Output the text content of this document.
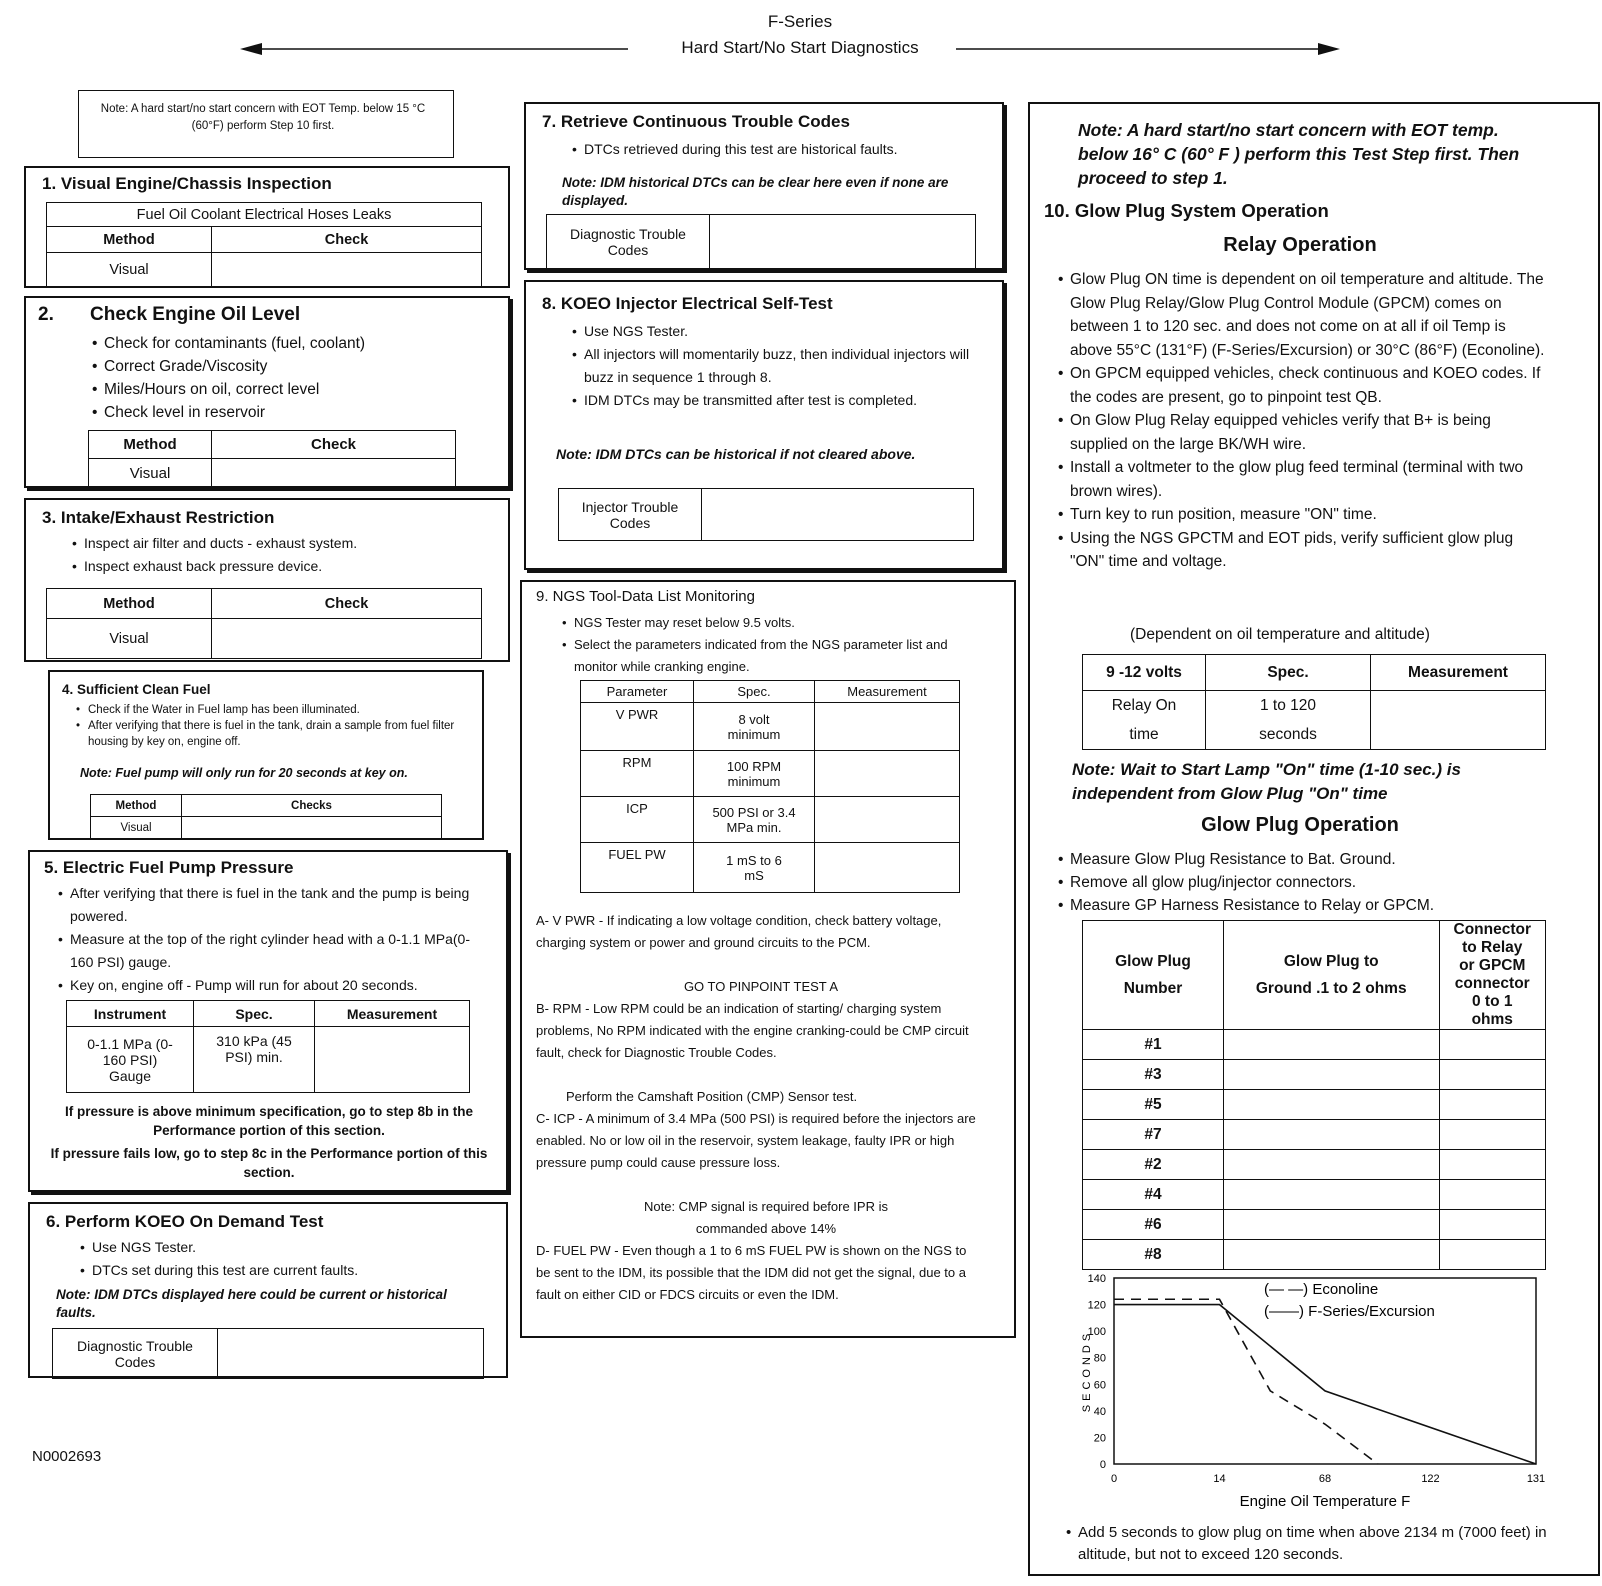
F-Series
Hard Start/No Start Diagnostics
Note: A hard start/no start concern with EOT Temp. below 15 °C (60°F) perform Step 10 first.
1. Visual Engine/Chassis Inspection
Fuel Oil Coolant Electrical Hoses Leaks	
Method	Check
Visual	
2. Check Engine Oil Level
• Check for contaminants (fuel, coolant)
• Correct Grade/Viscosity
• Miles/Hours on oil, correct level
• Check level in reservoir
Method	Check
Visual	
3. Intake/Exhaust Restriction
• Inspect air filter and ducts - exhaust system.
• Inspect exhaust back pressure device.
Method	Check
Visual	
4. Sufficient Clean Fuel
• Check if the Water in Fuel lamp has been illuminated.
• After verifying that there is fuel in the tank, drain a sample from fuel filter housing by key on, engine off.
Note: Fuel pump will only run for 20 seconds at key on.
Method	Checks
Visual	
5. Electric Fuel Pump Pressure
• After verifying that there is fuel in the tank and the pump is being powered.
• Measure at the top of the right cylinder head with a 0-1.1 MPa(0-160 PSI) gauge.
• Key on, engine off - Pump will run for about 20 seconds.
Instrument	Spec.	Measurement
0-1.1 MPa (0-160 PSI) Gauge	310 kPa (45 PSI) min.	
If pressure is above minimum specification, go to step 8b in the Performance portion of this section.
If pressure fails low, go to step 8c in the Performance portion of this section.
6. Perform KOEO On Demand Test
• Use NGS Tester.
• DTCs set during this test are current faults.
Note: IDM DTCs displayed here could be current or historical faults.
Diagnostic Trouble Codes	
N0002693
7. Retrieve Continuous Trouble Codes
• DTCs retrieved during this test are historical faults.
Note: IDM historical DTCs can be clear here even if none are displayed.
Diagnostic Trouble Codes	
8. KOEO Injector Electrical Self-Test
• Use NGS Tester.
• All injectors will momentarily buzz, then individual injectors will buzz in sequence 1 through 8.
• IDM DTCs may be transmitted after test is completed.
Note: IDM DTCs can be historical if not cleared above.
Injector Trouble Codes	
9. NGS Tool-Data List Monitoring
• NGS Tester may reset below 9.5 volts.
• Select the parameters indicated from the NGS parameter list and monitor while cranking engine.
Parameter	Spec.	Measurement
V PWR	8 volt minimum	
RPM	100 RPM minimum	
ICP	500 PSI or 3.4 MPa min.	
FUEL PW	1 mS to 6 mS	
A- V PWR - If indicating a low voltage condition, check battery voltage, charging system or power and ground circuits to the PCM.
GO TO PINPOINT TEST A
B- RPM - Low RPM could be an indication of starting/ charging system problems, No RPM indicated with the engine cranking-could be CMP circuit fault, check for Diagnostic Trouble Codes.
Perform the Camshaft Position (CMP) Sensor test.
C- ICP - A minimum of 3.4 MPa (500 PSI) is required before the injectors are enabled. No or low oil in the reservoir, system leakage, faulty IPR or high pressure pump could cause pressure loss.
Note: CMP signal is required before IPR is commanded above 14%
D- FUEL PW - Even though a 1 to 6 mS FUEL PW is shown on the NGS to be sent to the IDM, its possible that the IDM did not get the signal, due to a fault on either CID or FDCS circuits or even the IDM.
Note: A hard start/no start concern with EOT temp. below 16° C (60° F ) perform this Test Step first. Then proceed to step 1.
10. Glow Plug System Operation
Relay Operation
• Glow Plug ON time is dependent on oil temperature and altitude. The Glow Plug Relay/Glow Plug Control Module (GPCM) comes on between 1 to 120 sec. and does not come on at all if oil Temp is above 55°C (131°F) (F-Series/Excursion) or 30°C (86°F) (Econoline).
• On GPCM equipped vehicles, check continuous and KOEO codes. If the codes are present, go to pinpoint test QB.
• On Glow Plug Relay equipped vehicles verify that B+ is being supplied on the large BK/WH wire.
• Install a voltmeter to the glow plug feed terminal (terminal with two brown wires).
• Turn key to run position, measure "ON" time.
• Using the NGS GPCTM and EOT pids, verify sufficient glow plug "ON" time and voltage.
(Dependent on oil temperature and altitude)
9 -12 volts	Spec.	Measurement
Relay On time	1 to 120 seconds	
Note: Wait to Start Lamp "On" time (1-10 sec.) is independent from Glow Plug "On" time
Glow Plug Operation
• Measure Glow Plug Resistance to Bat. Ground.
• Remove all glow plug/injector connectors.
• Measure GP Harness Resistance to Relay or GPCM.
Glow Plug Number	Glow Plug to Ground .1 to 2 ohms	Connector to Relay or GPCM connector 0 to 1 ohms
#1		
#3		
#5		
#7		
#2		
#4		
#6		
#8		
0
20
40
60
80
100
120
140
0	14	68	122	131
SECONDS
Engine Oil Temperature F
(— —) Econoline
(——) F-Series/Excursion
• Add 5 seconds to glow plug on time when above 2134 m (7000 feet) in altitude, but not to exceed 120 seconds.
